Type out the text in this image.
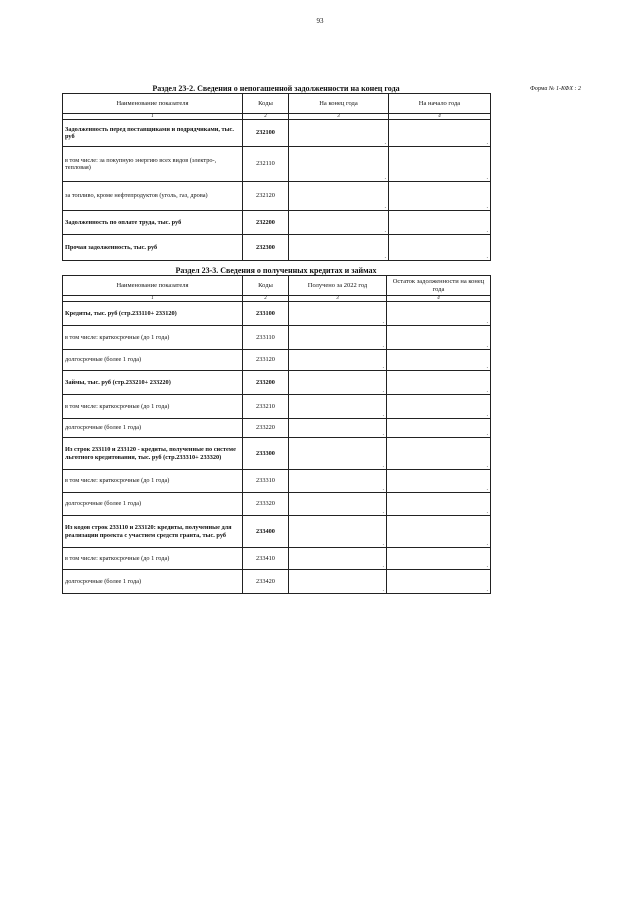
93
Форма № 1-КФХ : 2
Раздел 23-2. Сведения о непогашенной задолженности на конец года
Наименование показателя	Коды	На конец года	На начало года
1	2	3	4
Задолженность перед поставщиками и подрядчиками, тыс. руб	232100	.	.

в том числе: за покупную энергию всех видов (электро-, тепловая)	232110	.	.

за топливо, кроме нефтепродуктов (уголь, газ, дрова)	232120	.	.

Задолженность по оплате труда, тыс. руб	232200	.	.

Прочая задолженность, тыс. руб	232300	.	.
Раздел 23-3. Сведения о полученных кредитах и займах
Наименование показателя	Коды	Получено за 2022 год	Остаток задолженности на конец года
1	2	3	4
Кредиты, тыс. руб (стр.233110+ 233120)	233100	.	.

в том числе: краткосрочные (до 1 года)	233110	.	.

долгосрочные (более 1 года)	233120	.	.

Займы, тыс. руб (стр.233210+ 233220)	233200	.	.

в том числе: краткосрочные (до 1 года)	233210	.	.

долгосрочные (более 1 года)	233220	.	.

Из строк 233110 и 233120 - кредиты, полученные по системе льготного кредитования, тыс. руб (стр.233310+ 233320)	233300	.	.

в том числе: краткосрочные (до 1 года)	233310	.	.

долгосрочные (более 1 года)	233320	.	.

Из кодов строк 233110 и 233120: кредиты, полученные для реализации проекта с участием средств гранта, тыс. руб	233400	.	.

в том числе: краткосрочные (до 1 года)	233410	.	.

долгосрочные (более 1 года)	233420	.	.
